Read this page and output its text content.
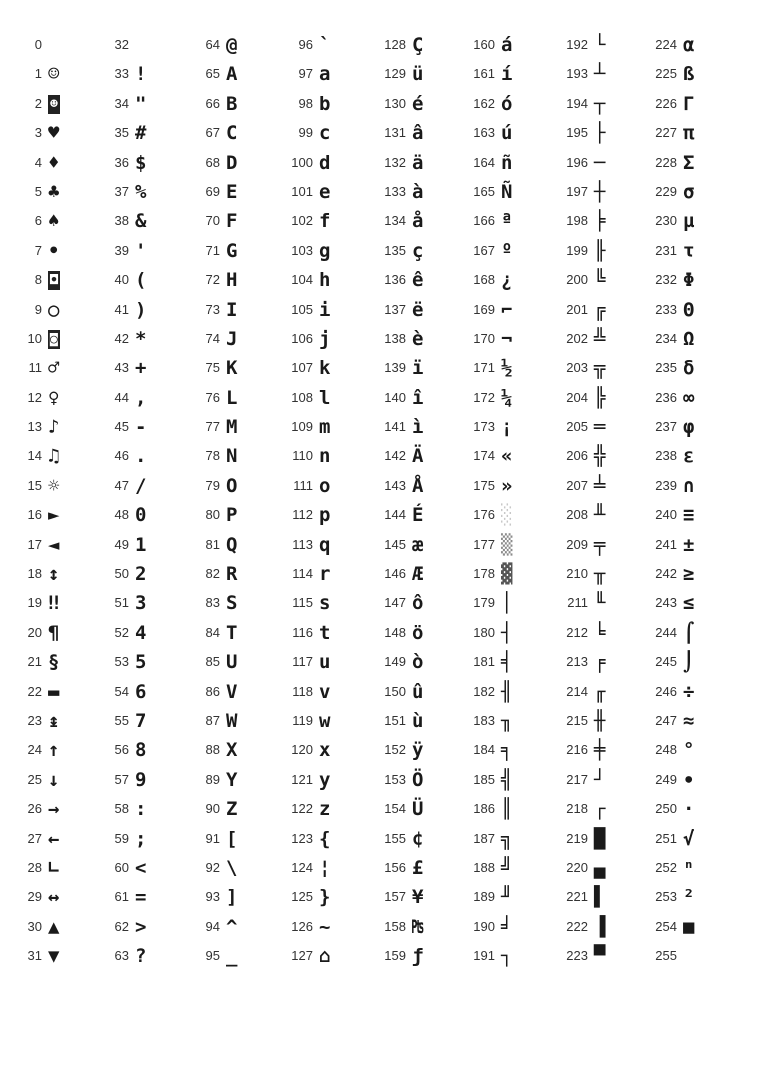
0
1 ☺
2 ☻
3 ♥
4 ♦
5 ♣
6 ♠
7 •
8 ◘
9 ○
10 ◙
11 ♂
12 ♀
13 ♪
14 ♫
15 ☼
16 ►
17 ◄
18 ↕
19 ‼
20 ¶
21 §
22 ▬
23 ↨
24 ↑
25 ↓
26 →
27 ←
28 ∟
29 ↔
30 ▲
31 ▼
32
33 !
34 "
35 #
36 $
37 %
38 &
39 '
40 (
41 )
42 *
43 +
44 ,
45 -
46 .
47 /
48 0
49 1
50 2
51 3
52 4
53 5
54 6
55 7
56 8
57 9
58 :
59 ;
60 <
61 =
62 >
63 ?
64 @
65 A
66 B
67 C
68 D
69 E
70 F
71 G
72 H
73 I
74 J
75 K
76 L
77 M
78 N
79 O
80 P
81 Q
82 R
83 S
84 T
85 U
86 V
87 W
88 X
89 Y
90 Z
91 [
92 \
93 ]
94 ^
95 _
96 `
97 a
98 b
99 c
100 d
101 e
102 f
103 g
104 h
105 i
106 j
107 k
108 l
109 m
110 n
111 o
112 p
113 q
114 r
115 s
116 t
117 u
118 v
119 w
120 x
121 y
122 z
123 {
124 ¦
125 }
126 ~
127 ⌂
128 Ç
129 ü
130 é
131 â
132 ä
133 à
134 å
135 ç
136 ê
137 ë
138 è
139 ï
140 î
141 ì
142 Ä
143 Å
144 É
145 æ
146 Æ
147 ô
148 ö
149 ò
150 û
151 ù
152 ÿ
153 Ö
154 Ü
155 ¢
156 £
157 ¥
158 ₧
159 ƒ
160 á
161 í
162 ó
163 ú
164 ñ
165 Ñ
166 ª
167 º
168 ¿
169 ⌐
170 ¬
171 ½
172 ¼
173 ¡
174 «
175 »
176 ░
177 ▒
178 ▓
179 │
180 ┤
181 ╡
182 ╢
183 ╖
184 ╕
185 ╣
186 ║
187 ╗
188 ╝
189 ╜
190 ╛
191 ┐
192 └
193 ┴
194 ┬
195 ├
196 ─
197 ┼
198 ╞
199 ╟
200 ╚
201 ╔
202 ╩
203 ╦
204 ╠
205 ═
206 ╬
207 ╧
208 ╨
209 ╤
210 ╥
211 ╙
212 ╘
213 ╒
214 ╓
215 ╫
216 ╪
217 ┘
218 ┌
219 █
220 ▄
221 ▌
222 ▐
223 ▀
224 α
225 ß
226 Γ
227 π
228 Σ
229 σ
230 µ
231 τ
232 Φ
233 Θ
234 Ω
235 δ
236 ∞
237 φ
238 ε
239 ∩
240 ≡
241 ±
242 ≥
243 ≤
244 ⌠
245 ⌡
246 ÷
247 ≈
248 °
249 ∙
250 ·
251 √
252 ⁿ
253 ²
254 ■
255
